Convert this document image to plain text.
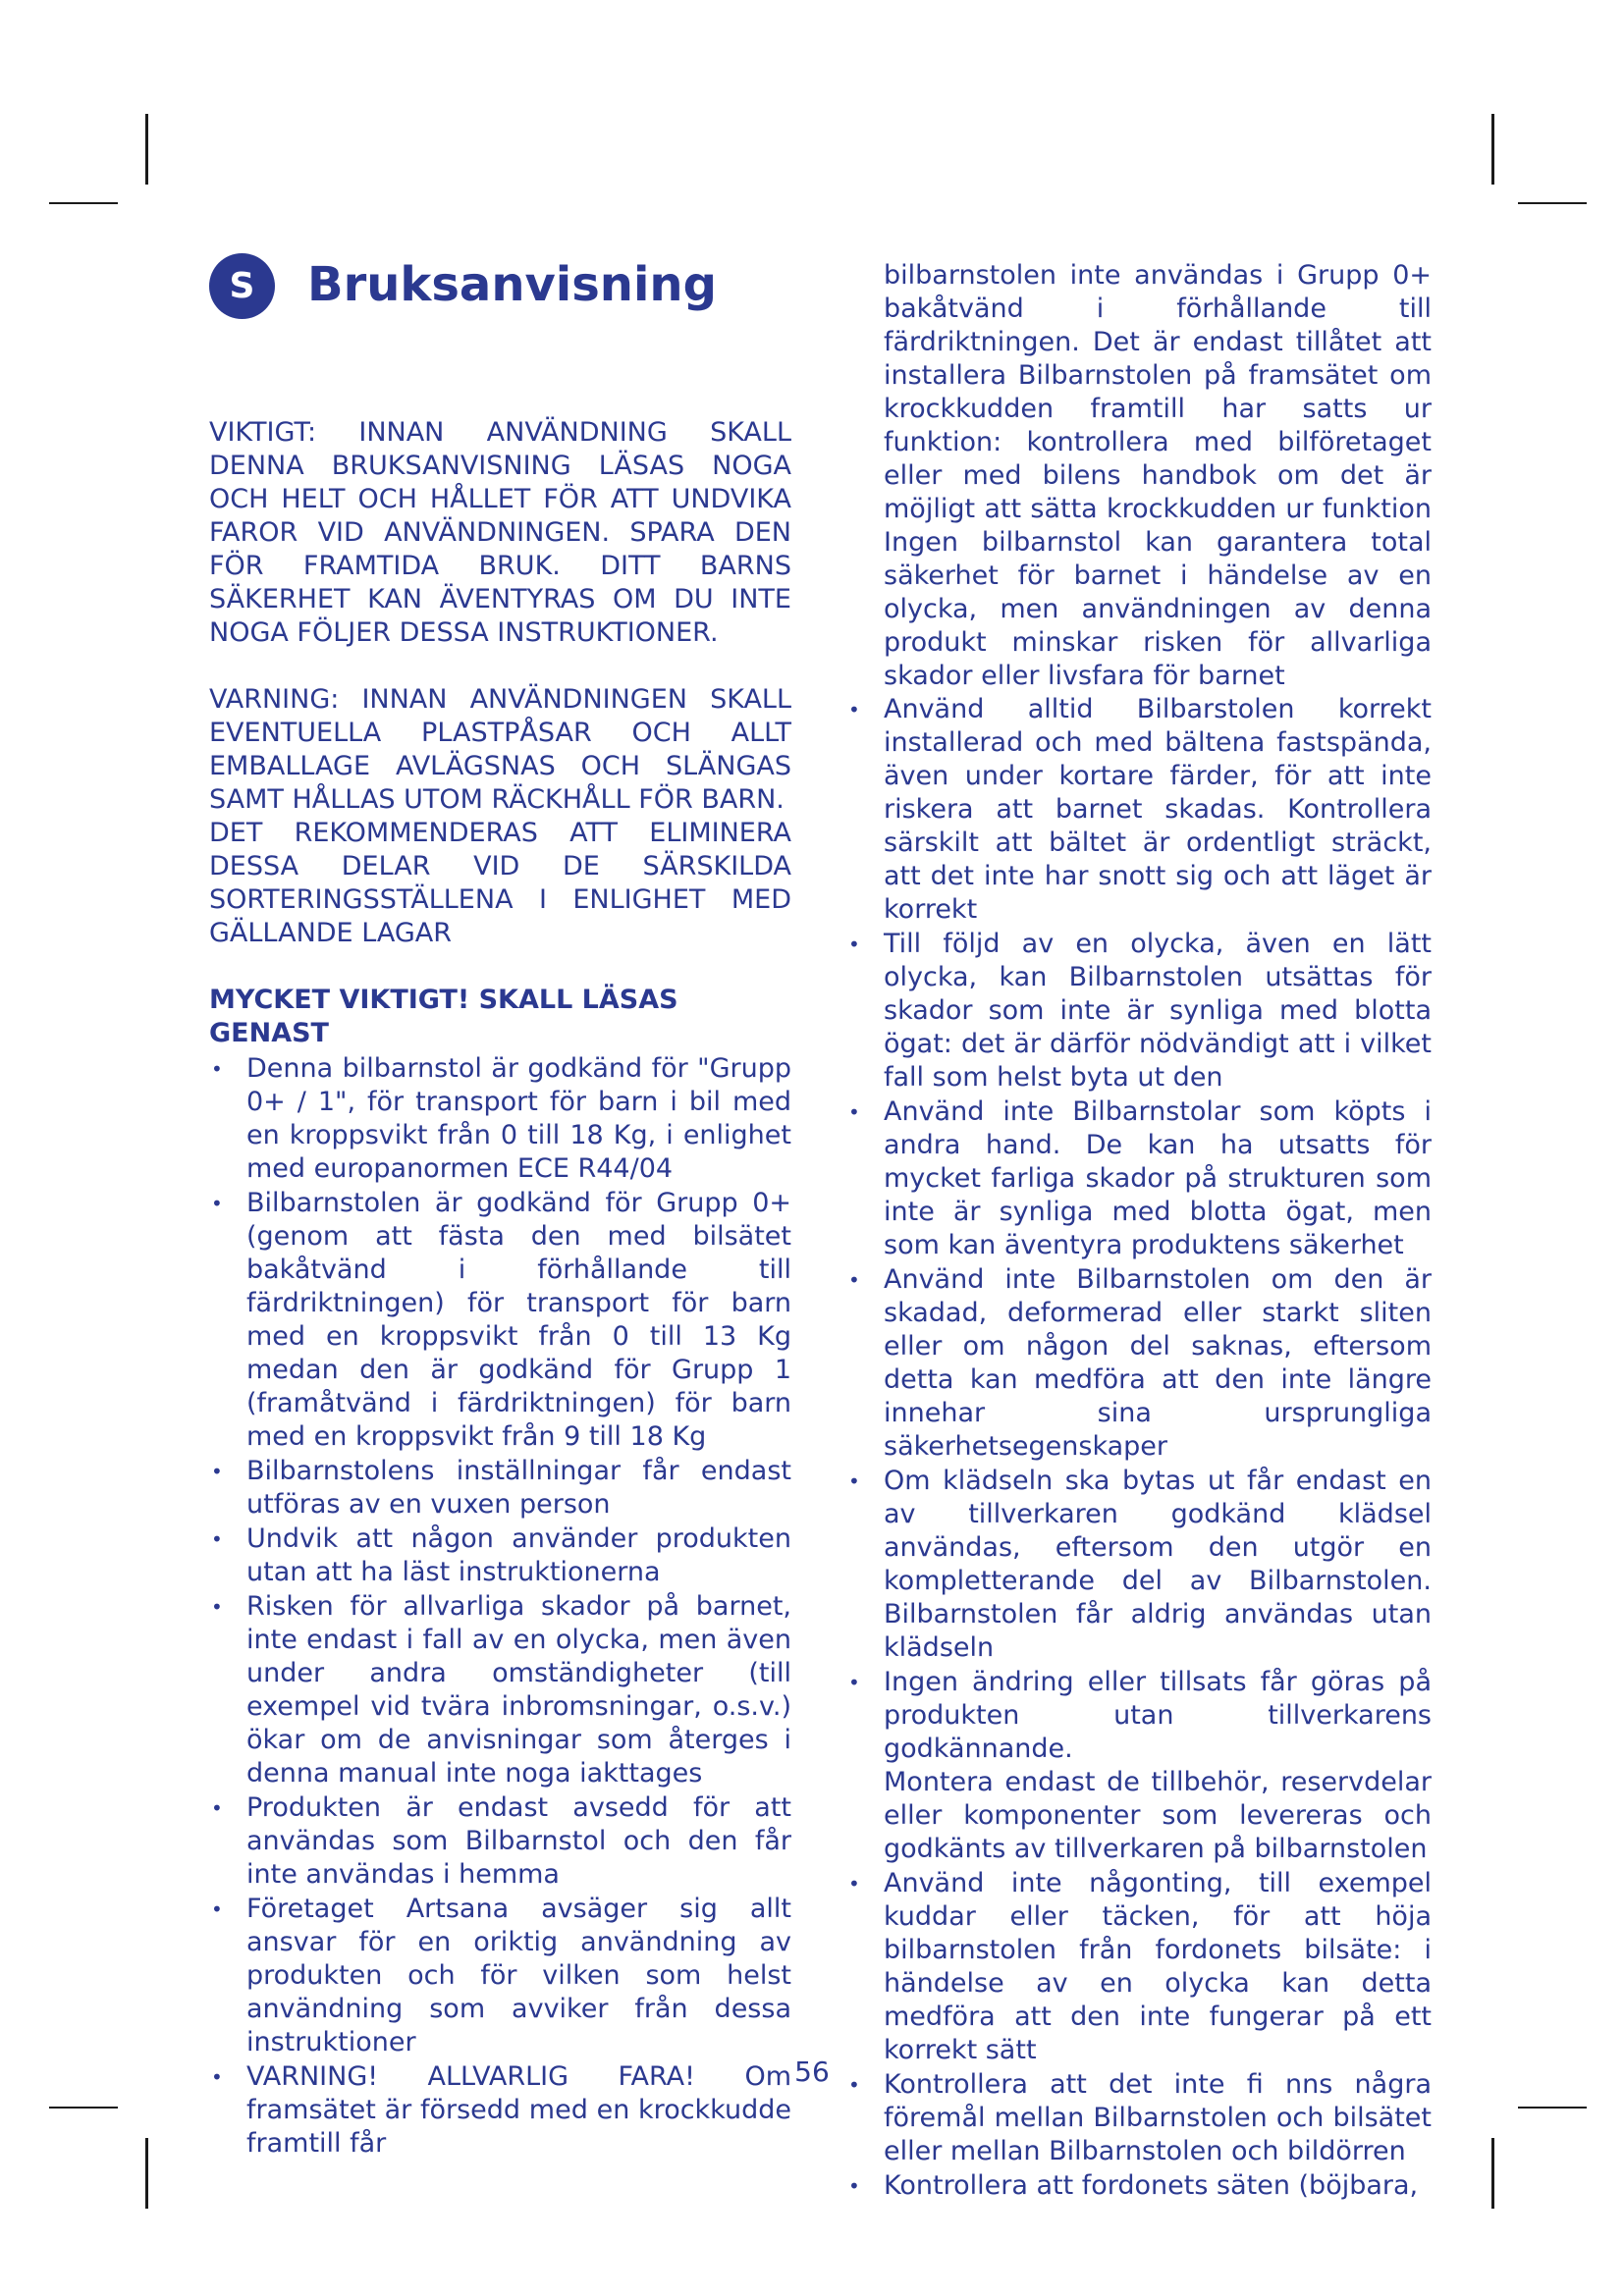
S	Bruksanvisning

VIKTIGT: INNAN ANVÄNDNING SKALL DENNA BRUKSANVISNING LÄSAS NOGA OCH HELT OCH HÅLLET FÖR ATT UNDVIKA FAROR VID ANVÄNDNINGEN. SPARA DEN FÖR FRAMTIDA BRUK. DITT BARNS SÄKERHET KAN ÄVENTYRAS OM DU INTE NOGA FÖLJER DESSA INSTRUKTIONER.

VARNING: INNAN ANVÄNDNINGEN SKALL EVENTUELLA PLASTPÅSAR OCH ALLT EMBALLAGE AVLÄGSNAS OCH SLÄNGAS SAMT HÅLLAS UTOM RÄCKHÅLL FÖR BARN.

DET REKOMMENDERAS ATT ELIMINERA DESSA DELAR VID DE SÄRSKILDA SORTERINGSSTÄLLENA I ENLIGHET MED GÄLLANDE LAGAR

MYCKET VIKTIGT! SKALL LÄSAS GENAST

• Denna bilbarnstol är godkänd för "Grupp 0+ / 1", för transport för barn i bil med en kroppsvikt från 0 till 18 Kg, i enlighet med europanormen ECE R44/04
• Bilbarnstolen är godkänd för Grupp 0+ (genom att fästa den med bilsätet bakåtvänd i förhållande till färdriktningen) för transport för barn med en kroppsvikt från 0 till 13 Kg medan den är godkänd för Grupp 1 (framåtvänd i färdriktningen) för barn med en kroppsvikt från 9 till 18 Kg
• Bilbarnstolens inställningar får endast utföras av en vuxen person
• Undvik att någon använder produkten utan att ha läst instruktionerna
• Risken för allvarliga skador på barnet, inte endast i fall av en olycka, men även under andra omständigheter (till exempel vid tvära inbromsningar, o.s.v.) ökar om de anvisningar som återges i denna manual inte noga iakttages
• Produkten är endast avsedd för att användas som Bilbarnstol och den får inte användas i hemma
• Företaget Artsana avsäger sig allt ansvar för en oriktig användning av produkten och för vilken som helst användning som avviker från dessa instruktioner
• VARNING! ALLVARLIG FARA! Om framsätet är försedd med en krockkudde framtill får

bilbarnstolen inte användas i Grupp 0+ bakåtvänd i förhållande till färdriktningen. Det är endast tillåtet att installera Bilbarnstolen på framsätet om krockkudden framtill har satts ur funktion: kontrollera med bilföretaget eller med bilens handbok om det är möjligt att sätta krockkudden ur funktion Ingen bilbarnstol kan garantera total säkerhet för barnet i händelse av en olycka, men användningen av denna produkt minskar risken för allvarliga skador eller livsfara för barnet

• Använd alltid Bilbarstolen korrekt installerad och med bältena fastspända, även under kortare färder, för att inte riskera att barnet skadas. Kontrollera särskilt att bältet är ordentligt sträckt, att det inte har snott sig och att läget är korrekt
• Till följd av en olycka, även en lätt olycka, kan Bilbarnstolen utsättas för skador som inte är synliga med blotta ögat: det är därför nödvändigt att i vilket fall som helst byta ut den
• Använd inte Bilbarnstolar som köpts i andra hand. De kan ha utsatts för mycket farliga skador på strukturen som inte är synliga med blotta ögat, men som kan äventyra produktens säkerhet
• Använd inte Bilbarnstolen om den är skadad, deformerad eller starkt sliten eller om någon del saknas, eftersom detta kan medföra att den inte längre innehar sina ursprungliga säkerhetsegenskaper
• Om klädseln ska bytas ut får endast en av tillverkaren godkänd klädsel användas, eftersom den utgör en kompletterande del av Bilbarnstolen. Bilbarnstolen får aldrig användas utan klädseln
• Ingen ändring eller tillsats får göras på produkten utan tillverkarens godkännande.
Montera endast de tillbehör, reservdelar eller komponenter som levereras och godkänts av tillverkaren på bilbarnstolen
• Använd inte någonting, till exempel kuddar eller täcken, för att höja bilbarnstolen från fordonets bilsäte: i händelse av en olycka kan detta medföra att den inte fungerar på ett korrekt sätt
• Kontrollera att det inte fi nns några föremål mellan Bilbarnstolen och bilsätet eller mellan Bilbarnstolen och bildörren
• Kontrollera att fordonets säten (böjbara,
56
